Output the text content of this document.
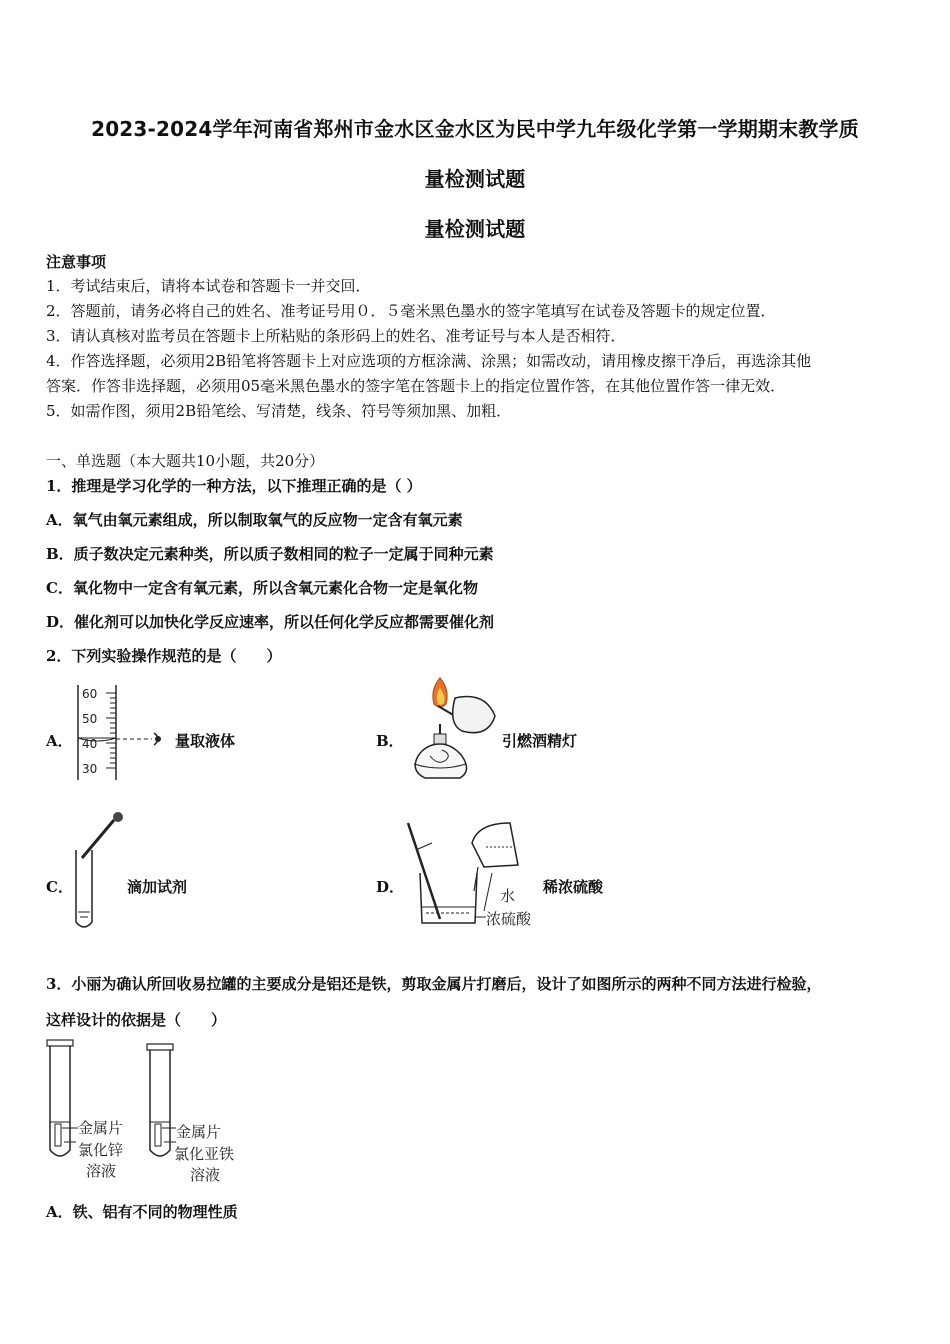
2023-2024学年河南省郑州市金水区金水区为民中学九年级化学第一学期期末教学质
量检测试题
量检测试题
注意事项
1．考试结束后，请将本试卷和答题卡一并交回．
2．答题前，请务必将自己的姓名、准考证号用０．５毫米黑色墨水的签字笔填写在试卷及答题卡的规定位置．
3．请认真核对监考员在答题卡上所粘贴的条形码上的姓名、准考证号与本人是否相符．
4．作答选择题，必须用2B铅笔将答题卡上对应选项的方框涂满、涂黑；如需改动，请用橡皮擦干净后，再选涂其他
答案．作答非选择题，必须用05毫米黑色墨水的签字笔在答题卡上的指定位置作答，在其他位置作答一律无效．
5．如需作图，须用2B铅笔绘、写清楚，线条、符号等须加黑、加粗．
一、单选题（本大题共10小题，共20分）
1．推理是学习化学的一种方法，以下推理正确的是（ ）
A．氧气由氧元素组成，所以制取氧气的反应物一定含有氧元素
B．质子数决定元素种类，所以质子数相同的粒子一定属于同种元素
C．氧化物中一定含有氧元素，所以含氧元素化合物一定是氧化物
D．催化剂可以加快化学反应速率，所以任何化学反应都需要催化剂
2．下列实验操作规范的是（　　）
A．
60
50
40
30
量取液体	B．	引燃酒精灯
C．	滴加试剂	D．	水
浓硫酸
稀浓硫酸
3．小丽为确认所回收易拉罐的主要成分是铝还是铁，剪取金属片打磨后，设计了如图所示的两种不同方法进行检验，
这样设计的依据是（　　）
金属片
氯化锌
溶液
金属片
氯化亚铁
溶液
A．铁、铝有不同的物理性质
